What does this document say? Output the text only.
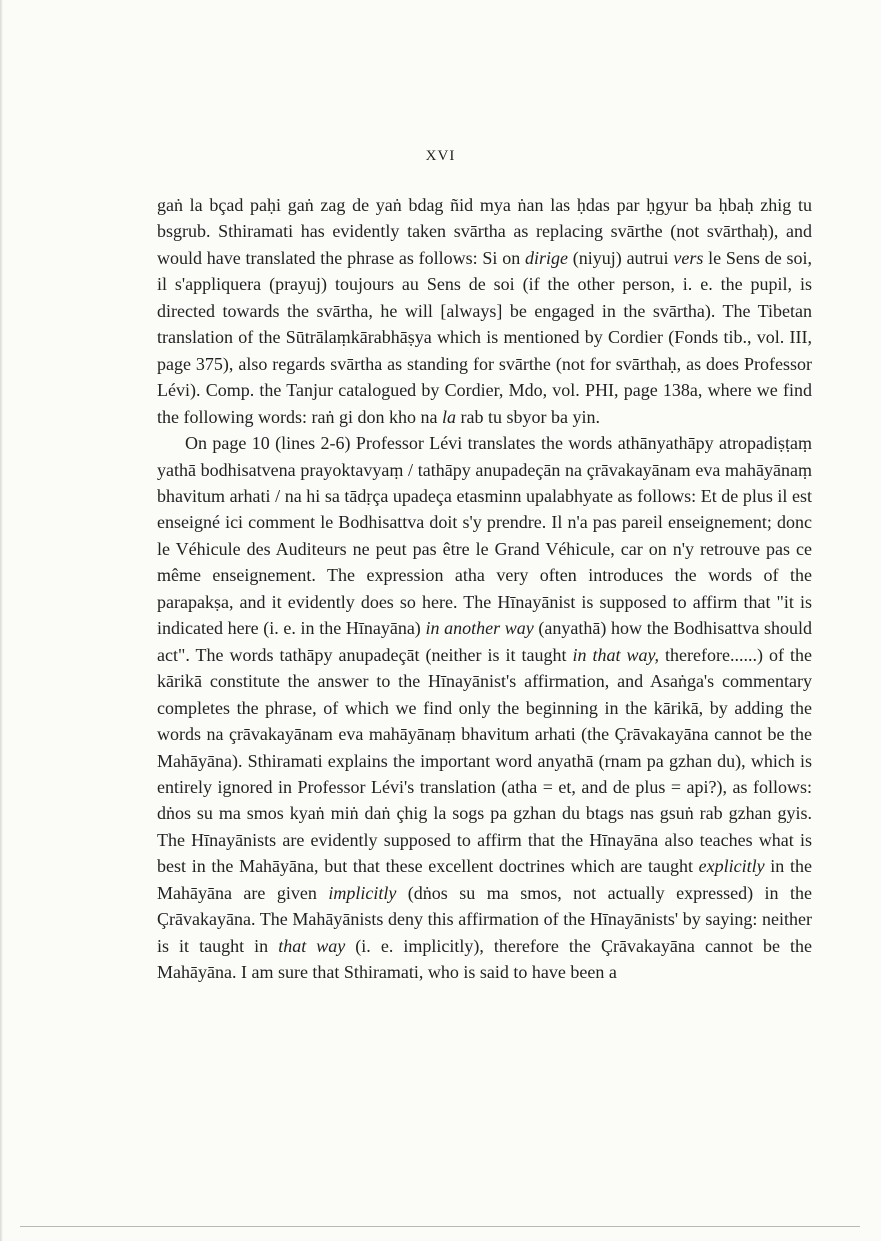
XVI

gaṅ la bçad paḥi gaṅ zag de yaṅ bdag ñid mya ṅan las ḥdas par ḥgyur ba ḥbaḥ zhig tu bsgrub. Sthiramati has evidently taken svārtha as replacing svārthe (not svārthaḥ), and would have translated the phrase as follows: Si on dirige (niyuj) autrui vers le Sens de soi, il s'appliquera (prayuj) toujours au Sens de soi (if the other person, i. e. the pupil, is directed towards the svārtha, he will [always] be engaged in the svārtha). The Tibetan translation of the Sūtrālaṃkārabhāṣya which is mentioned by Cordier (Fonds tib., vol. III, page 375), also regards svārtha as standing for svārthe (not for svārthaḥ, as does Professor Lévi). Comp. the Tanjur catalogued by Cordier, Mdo, vol. PHI, page 138a, where we find the following words: raṅ gi don kho na la rab tu sbyor ba yin.

On page 10 (lines 2-6) Professor Lévi translates the words athānyathāpy atropadiṣṭaṃ yathā bodhisatvena prayoktavyaṃ / tathāpy anupadeçān na çrāvakayānam eva mahāyānaṃ bhavitum arhati / na hi sa tādṛça upadeça etasminn upalabhyate as follows: Et de plus il est enseigné ici comment le Bodhisattva doit s'y prendre. Il n'a pas pareil enseignement; donc le Véhicule des Auditeurs ne peut pas être le Grand Véhicule, car on n'y retrouve pas ce même enseignement. The expression atha very often introduces the words of the parapakṣa, and it evidently does so here. The Hīnayānist is supposed to affirm that "it is indicated here (i. e. in the Hīnayāna) in another way (anyathā) how the Bodhisattva should act". The words tathāpy anupadeçāt (neither is it taught in that way, therefore......) of the kārikā constitute the answer to the Hīnayānist's affirmation, and Asaṅga's commentary completes the phrase, of which we find only the beginning in the kārikā, by adding the words na çrāvakayānam eva mahāyānaṃ bhavitum arhati (the Çrāvakayāna cannot be the Mahāyāna). Sthiramati explains the important word anyathā (rnam pa gzhan du), which is entirely ignored in Professor Lévi's translation (atha = et, and de plus = api?), as follows: dṅos su ma smos kyaṅ miṅ daṅ çhig la sogs pa gzhan du btags nas gsuṅ rab gzhan gyis. The Hīnayānists are evidently supposed to affirm that the Hīnayāna also teaches what is best in the Mahāyāna, but that these excellent doctrines which are taught explicitly in the Mahāyāna are given implicitly (dṅos su ma smos, not actually expressed) in the Çrāvakayāna. The Mahāyānists deny this affirmation of the Hīnayānists' by saying: neither is it taught in that way (i. e. implicitly), therefore the Çrāvakayāna cannot be the Mahāyāna. I am sure that Sthiramati, who is said to have been a
